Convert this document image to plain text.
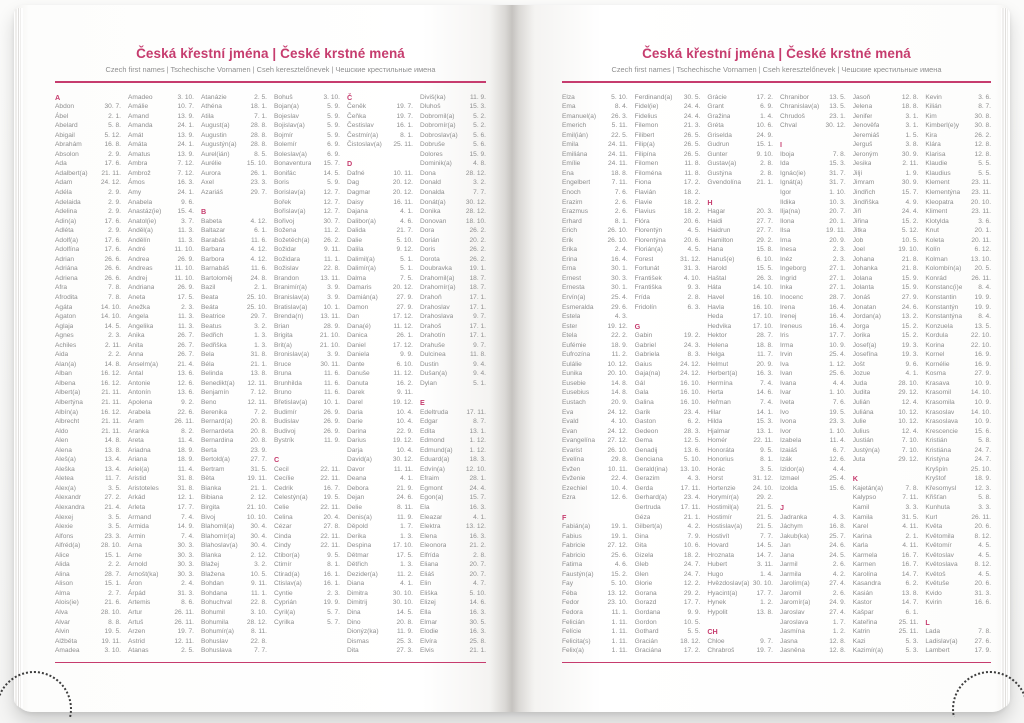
Česká křestní jména | České krstné mená
Czech first names | Tschechische Vornamen | Cseh keresztelőnevek | Чешские крестильные имена
A
Abdon	30. 7.
Ábel	2. 1.
Abelard	5. 8.
Abigail	5. 12.
Abrahám	16. 8.
Absolon	2. 9.
Ada	17. 6.
Adalbert(a) 21. 11.
Adam	24. 12.
Adéla	2. 9.
Adelaida	2. 9.
Adelina	2. 9.
Adin(a)	17. 6.
Adléta	2. 9.
Adolf(a)	17. 6.
Adolfína	17. 6.
Adrian	26. 6.
Adriána	26. 6.
Adriena	26. 6.
Afra	7. 8.
Afrodita	7. 8.
Agáta	14. 10.
Agaton	14. 10.
Aglaja	14. 5.
Agnes	2. 3.
Achiles	2. 11.
Aida	2. 2.
Alan(a)	14. 8.
Alban	16. 12.
Albena	16. 12.
Albert(a)	21. 11.
Albertýna	21. 11.
Albín(a)	16. 12.
Albrecht	21. 11.
Aldo	21. 11.
Alen	14. 8.
Alena	13. 8.
Aleš(a)	13. 4.
Aleška	13. 4.
Aletea	11. 7.
Alex(a)	3. 5.
Alexandr	27. 2.
Alexandra	21. 4.
Alexej	3. 5.
Alexie	3. 5.
Alfons	23. 3.
Alfréd(a)	28. 10.
Alice	15. 1.
Alida	2. 2.
Alina	28. 7.
Alison	15. 1.
Alma	2. 7.
Alois(ie)	21. 6.
Alva	28. 10.
Alvar	8. 8.
Alvin	19. 5.
Alžběta	19. 11.
Amadea	3. 10.
Amadeo	3. 10.
Amálie	10. 7.
Amand	13. 9.
Amanda	24. 1.
Amát	13. 9.
Amáta	24. 1.
Amatus	13. 9.
Ambra	7. 12.
Ambrož	7. 12.
Ámos	16. 3.
Amy	24. 1.
Anabela	9. 6.
Anastáz(ie) 15. 4.
Anatol(ie)	3. 7.
Anděl(a)	11. 3.
Andělín	11. 3.
André	11. 10.
Andrea	26. 9.
Andreas	11. 10.
Andrej	11. 10.
Andriana	26. 9.
Aneta	17. 5.
Anežka	2. 3.
Angela	11. 3.
Angelika	11. 3.
Anika	26. 7.
Anita	26. 7.
Anna	26. 7.
Anselm(a)	21. 4.
Antal	13. 6.
Antonie	12. 6.
Antonín	13. 6.
Apolena	9. 2.
Arabela	22. 6.
Aram	26. 11.
Aranka	8. 2.
Areta	11. 4.
Ariadna	18. 9.
Ariana	18. 9.
Ariel(a)	11. 4.
Aristid	31. 8.
Aristoteles	31. 8.
Arkád	12. 1.
Arleta	17. 7.
Armand	7. 4.
Armida	14. 9.
Armin	7. 4.
Arna	30. 3.
Arne	30. 3.
Arnold	30. 3.
Arnošt(ka)	30. 3.
Áron	2. 4.
Árpád	31. 3.
Artemis	8. 6.
Artur	26. 11.
Artuš	26. 11.
Arzen	19. 7.
Astrid	12. 11.
Atanas	2. 5.
Atanázie	2. 5.
Athéna	18. 1.
Atila	7. 1.
August(a)	28. 8.
Augustin	28. 8.
Augustýn(a) 28. 8.
Aurel(ián)	8. 5.
Aurélie	15. 10.
Aurora	26. 1.
Axel	23. 3.
Azariáš	29. 7.
B
Babeta	4. 12.
Baltazar	6. 1.
Barabáš	11. 6.
Barbara	4. 12.
Barbora	4. 12.
Barnabáš	11. 6.
Bartoloměj	24. 8.
Bazil	2. 1.
Beata	25. 10.
Beáta	25. 10.
Beatrice	29. 7.
Beatus	3. 2.
Bedřich	1. 3.
Bedřiška	1. 3.
Bela	31. 8.
Béla	21. 1.
Belinda	13. 8.
Benedikt(a) 12. 11.
Benjamín	7. 12.
Beno	12. 11.
Berenika	7. 2.
Bernard(a)	20. 8.
Bernardeta	20. 8.
Bernardina	20. 8.
Berta	23. 9.
Bertold(a)	27. 7.
Bertram	31. 5.
Běta	19. 11.
Bianka	21. 1.
Bibiana	2. 12.
Birgita	21. 10.
Bivoj	10. 10.
Blahomil(a) 30. 4.
Blahomír(a) 30. 4.
Blahoslav(a) 30. 4.
Blanka	2. 12.
Blažej	3. 2.
Blažena	10. 5.
Bohdan	9. 11.
Bohdana	11. 1.
Bohuchval	22. 8.
Bohumil	3. 10.
Bohumila	28. 12.
Bohumír(a)	8. 11.
Bohuslav	22. 8.
Bohuslava	7. 7.
Bohuš	3. 10.
Bojan(a)	5. 9.
Bojeslav	5. 9.
Bojislav(a)	5. 9.
Bojmír	5. 9.
Bolemír	6. 9.
Boleslav(a)	6. 9.
Bonaventura 15. 7.
Bonifác	14. 5.
Boris	5. 9.
Borislav(a)	12. 7.
Bořek	12. 7.
Bořislav(a)	12. 7.
Bořivoj	30. 7.
Božena	11. 2.
Božetěch(a) 26. 2.
Božidar	9. 11.
Božidara	11. 1.
Božislav	22. 8.
Brandon	13. 11.
Branimír(a)	3. 9.
Branislav(a)	3. 9.
Bratislav(a) 10. 1.
Brenda(n)	13. 11.
Brian	28. 9.
Brigita	21. 10.
Brit(a)	21. 10.
Bronislav(a)	3. 9.
Bruce	30. 11.
Bruna	11. 6.
Brunhilda	11. 6.
Bruno	11. 6.
Břetislav(a) 10. 1.
Budimír	26. 9.
Budislav	26. 9.
Budivoj	26. 9.
Bystrík	11. 9.
C
Cecil	22. 11.
Cecílie	22. 11.
Cedrik	16. 7.
Celestýn(a) 19. 5.
Celie	22. 11.
Celina	20. 4.
Cézar	27. 8.
Cinda	22. 11.
Cindy	22. 11.
Ctibor(a)	9. 5.
Ctimír	8. 1.
Ctirad(a)	16. 1.
Ctislav(a)	16. 1.
Cyntie	2. 3.
Cyprián	19. 9.
Cyril(a)	5. 7.
Cyrilka	5. 7.
Č
Čeněk	19. 7.
Čeňka	19. 7.
Čestislav	16. 1.
Čestmír(a)	8. 1.
Čistoslav(a) 25. 11.
D
Dafné	10. 11.
Dag	20. 12.
Dagmar	20. 12.
Daisy	16. 11.
Dajana	4. 1.
Dalibor(a)	4. 6.
Dalida	21. 7.
Dalie	5. 10.
Dalila	9. 12.
Dalimil(a)	5. 1.
Dalimír(a)	5. 1.
Dalma	7. 5.
Damaris	20. 12.
Damián(a)	27. 9.
Damon	27. 9.
Dan	17. 12.
Dana(é)	11. 12.
Danica	26. 1.
Daniel	17. 12.
Daniela	9. 9.
Dante	6. 10.
Danuše	11. 12.
Danuta	16. 2.
Darek	9. 11.
Darel	19. 12.
Daria	10. 4.
Darie	10. 4.
Darina	22. 9.
Darius	19. 12.
Darja	10. 4.
David(a)	30. 12.
Davor	11. 11.
Deana	4. 1.
Debora	21. 9.
Dejan	24. 6.
Delie	8. 11.
Denis(a)	11. 9.
Děpold	1. 7.
Derika	1. 3.
Despina	17. 10.
Dětmar	17. 5.
Dětřich	1. 3.
Dezider(a)	11. 2.
Diana	4. 1.
Dimitra	30. 10.
Dimitrij	30. 10.
Dina	14. 5.
Dino	20. 8.
Dionýz(ka)	11. 9.
Dismas	25. 3.
Dita	27. 3.
Diviš(ka)	11. 9.
Dluhoš	15. 3.
Dobromil(a)	5. 2.
Dobromír(a)	5. 2.
Dobroslav(a) 5. 6.
Dobruše	5. 6.
Dolores	15. 9.
Dominik(a)	4. 8.
Dona	28. 12.
Donald	3. 2.
Donalda	7. 7.
Donát(a)	30. 12.
Donika	28. 12.
Donovan	18. 10.
Dora	26. 2.
Dorián	20. 2.
Doris	26. 2.
Dorota	26. 2.
Doubravka	19. 1.
Drahomil(a) 18. 7.
Drahomír(a) 18. 7.
Drahoň	17. 1.
Drahoslav	17. 1.
Drahoslava	9. 7.
Drahoš	17. 1.
Drahotín	17. 1.
Drahuše	9. 7.
Dulcinea	11. 8.
Dustin	9. 4.
Dušan(a)	9. 4.
Dylan	5. 1.
E
Edeltruda	17. 11.
Edgar	8. 7.
Edita	13. 1.
Edmond	1. 12.
Edmund(a)	1. 12.
Eduard(a)	18. 3.
Edvín(a)	12. 10.
Efraim	28. 1.
Egmont	24. 4.
Egon(a)	15. 7.
Ela	16. 3.
Eleazar	4. 1.
Elektra	13. 12.
Elena	16. 3.
Eleonora	21. 2.
Elfrída	2. 8.
Eliana	20. 7.
Eliáš	20. 7.
Elin	4. 7.
Eliška	5. 10.
Elizej	14. 6.
Ella	16. 3.
Elmar	30. 5.
Elodie	16. 3.
Elvíra	25. 8.
Elvis	21. 1.
Česká křestní jména | České krstné mená
Czech first names | Tschechische Vornamen | Cseh keresztelőnevek | Чешские крестильные имена
Elza	5. 10.
Ema	8. 4.
Emanuel(a) 26. 3.
Emerich	5. 11.
Emil(ián)	22. 5.
Emila	24. 11.
Emiliána	24. 11.
Emílie	24. 11.
Ena	18. 8.
Engelbert	7. 11.
Enoch	7. 6.
Erazim	2. 6.
Erazmus	2. 6.
Erhard	8. 1.
Erich	26. 10.
Erik	26. 10.
Erika	2. 4.
Erina	16. 4.
Erna	30. 1.
Ernest	30. 3.
Ernesta	30. 1.
Ervín(a)	25. 4.
Esmeralda	29. 6.
Estela	4. 3.
Ester	19. 12.
Etela	22. 2.
Eufémie	18. 9.
Eufrozína	11. 2.
Eulálie	10. 12.
Eunika	20. 10.
Eusebie	14. 8.
Eusebius	14. 8.
Eustach	20. 9.
Eva	24. 12.
Evald	4. 10.
Evan	24. 12.
Evangelína 27. 12.
Evarist	26. 10.
Evelína	29. 8.
Evžen	10. 11.
Evženie	22. 4.
Ezechiel	10. 4.
Ezra	12. 6.
F
Fabián(a)	19. 1.
Fabius	19. 1.
Fabricie	27. 12.
Fabricio	25. 6.
Fatima	4. 6.
Faustýn(a)	15. 2.
Fay	5. 10.
Féba	13. 12.
Fedor	23. 10.
Fedora	11. 1.
Felicián	1. 11.
Felície	1. 11.
Felicita(s)	1. 11.
Felix(a)	1. 11.
Ferdinand(a) 30. 5.
Fidel(ie)	24. 4.
Fidelius	24. 4.
Filemon	21. 3.
Filibert	26. 5.
Filip(a)	26. 5.
Filipína	26. 5.
Filomen	11. 8.
Filoména	11. 8.
Fiona	17. 2.
Flavián	18. 2.
Flavie	18. 2.
Flavius	18. 2.
Flóra	20. 6.
Florentýn	4. 5.
Florentýna	20. 6.
Florián(a)	4. 5.
Forest	31. 12.
Fortunát	31. 3.
František	4. 10.
Františka	9. 3.
Frída	2. 8.
Fridolín	6. 3.
G
Gabin	19. 2.
Gabriel	24. 3.
Gabriela	8. 3.
Gaius	24. 12.
Gaja(na)	24. 12.
Gál	16. 10.
Gala	16. 10.
Galina	16. 10.
Garik	23. 4.
Gaston	6. 2.
Gedeon	28. 3.
Gema	12. 5.
Genadij	13. 6.
Genciana	5. 10.
Gerald(ina) 13. 10.
Gerazim	4. 3.
Gerda	17. 11.
Gerhard(a)	23. 4.
Gertruda	17. 11.
Géza	21. 1.
Gilbert(a)	4. 2.
Gina	7. 9.
Gita	10. 6.
Gizela	18. 2.
Gleb	24. 7.
Glen	24. 7.
Glorie	12. 2.
Gorana	29. 2.
Gorazd	17. 7.
Gordana	9. 9.
Gordon	10. 5.
Gothard	5. 5.
Gracián	18. 12.
Graciána	17. 2.
Grácie	17. 2.
Grant	6. 9.
Gražina	1. 4.
Gréta	10. 6.
Griselda	24. 9.
Gudrun	15. 1.
Gunter	9. 10.
Gustav(a)	2. 8.
Gustýna	2. 8.
Gvendolína 21. 1.
H
Hagar	20. 3.
Haidi	27. 7.
Haidrun	27. 7.
Hamilton	29. 2.
Hana	15. 8.
Hanuš(e)	6. 10.
Harold	15. 5.
Haštal	26. 3.
Háta	14. 10.
Havel	16. 10.
Havla	16. 10.
Heda	17. 10.
Hedvika	17. 10.
Hektor	28. 7.
Helena	18. 8.
Helga	11. 7.
Helmut	20. 9.
Herbert(a)	16. 3.
Hermína	7. 4.
Herta	14. 6.
Heřman	7. 4.
Hilar	14. 1.
Hilda	15. 3.
Hjalmar	13. 1.
Homér	22. 11.
Honoráta	9. 5.
Honorius	8. 1.
Horác	3. 5.
Horst	31. 12.
Hortenzie	24. 10.
Horymír(a)	29. 2.
Hostimil(a)	21. 5.
Hostimír	21. 5.
Hostislav(a) 21. 5.
Hostivít	7. 7.
Hovard	14. 5.
Hroznata	14. 7.
Hubert	3. 11.
Hugo	1. 4.
Hvězdoslav(a) 30. 10.
Hyacint(a)	17. 7.
Hynek	1. 2.
Hypolit	13. 8.
CH
Chloe	9. 7.
Chrabroš	19. 7.
Chranibor	13. 5.
Chranislav(a) 13. 5.
Chrudoš	23. 1.
Chval	30. 12.
I
Iboja	7. 8.
Ida	15. 3.
Ignác(ie)	31. 7.
Ignát(a)	31. 7.
Igor	1. 10.
Ildika	10. 3.
Ilja(na)	20. 7.
Ilona	20. 1.
Ilsa	19. 11.
Ima	20. 9.
Inesa	2. 3.
Inéz	2. 3.
Ingeborg	27. 1.
Ingrid	27. 1.
Inka	27. 1.
Inocenc	28. 7.
Irena	16. 4.
Irenej	16. 4.
Ireneus	16. 4.
Iris	17. 7.
Irma	10. 9.
Irvin	25. 4.
Iva	1. 12.
Ivan	25. 6.
Ivana	4. 4.
Ivar	1. 10.
Iveta	7. 6.
Ivo	19. 5.
Ivona	23. 3.
Ivor	1. 10.
Izabela	11. 4.
Izaiáš	6. 7.
Izák	12. 6.
Izidor(a)	4. 4.
Izmael	25. 4.
Izolda	15. 6.
J
Jadranka	4. 3.
Jáchym	16. 8.
Jakub(ka)	25. 7.
Jan	24. 6.
Jana	24. 5.
Jarmil	2. 6.
Jarmila	4. 2.
Jarolím(a)	27. 4.
Jaromil	2. 6.
Jaromír(a)	24. 9.
Jaroslav	27. 4.
Jaroslava	1. 7.
Jasmína	1. 2.
Jasna	12. 8.
Jasněna	12. 8.
Jasoň	12. 8.
Jelena	18. 8.
Jenifer	3. 1.
Jenověfa	3. 1.
Jeremiáš	1. 5.
Jerguš	3. 8.
Jeroným	30. 9.
Jesika	2. 11.
Jiljí	1. 9.
Jimram	30. 9.
Jindřich	15. 7.
Jindřiška	4. 9.
Jiří	24. 4.
Jiřina	15. 2.
Jitka	5. 12.
Job	10. 5.
Joel	19. 10.
Johana	21. 8.
Johanka	21. 8.
Jolana	15. 9.
Jolanta	15. 9.
Jonáš	27. 9.
Jonatan	24. 6.
Jordan(a)	13. 2.
Jorga	15. 2.
Jorika	15. 2.
Josef(a)	19. 3.
Josefína	19. 3.
Jošt	9. 6.
Jozue	4. 1.
Juda	28. 10.
Judita	29. 12.
Julián	12. 4.
Juliána	10. 12.
Julie	10. 12.
Julius	12. 4.
Justián	7. 10.
Justýn(a)	7. 10.
Juta	29. 12.
K
Kajetán(a)	7. 8.
Kalypso	7. 11.
Kamil	3. 3.
Kamila	31. 5.
Karel	4. 11.
Karina	2. 1.
Karla	4. 11.
Karmela	16. 7.
Karmen	16. 7.
Karolína	14. 7.
Kasandra	6. 2.
Kasián	13. 8.
Kastor	14. 7.
Kašpar	6. 1.
Kateřina	25. 11.
Katrin	25. 11.
Kazi	5. 3.
Kazimír(a)	5. 3.
Kevin	3. 6.
Kilián	8. 7.
Kim	30. 8.
Kimberl(e)y 30. 8.
Kira	26. 2.
Klára	12. 8.
Klarisa	12. 8.
Klaudie	5. 5.
Klaudius	5. 5.
Klement	23. 11.
Klementýna 23. 11.
Kleopatra	20. 10.
Kliment	23. 11.
Klotylda	3. 6.
Knut	20. 1.
Koleta	20. 11.
Kolín	6. 12.
Kolman	13. 10.
Kolombín(a) 20. 5.
Konrád	26. 11.
Konstanc(i)e 8. 4.
Konstantin	19. 9.
Konstantýn 19. 9.
Konstantýna 8. 4.
Konzuela	13. 5.
Kordula	22. 10.
Korina	22. 10.
Kornel	16. 9.
Kornélie	16. 9.
Kosma	27. 9.
Krasava	10. 9.
Krasomil	14. 10.
Krasomila	10. 9.
Krasoslav	14. 10.
Krasoslava	10. 9.
Krescencie	15. 6.
Kristián	5. 8.
Kristiána	24. 7.
Kristýna	24. 7.
Kryšpín	25. 10.
Kryštof	18. 9.
Křesomysl	12. 3.
Křišťan	5. 8.
Kunhuta	3. 3.
Kurt	26. 11.
Květa	20. 6.
Květomila	8. 12.
Květomír	4. 5.
Květoslav	4. 5.
Květoslava	8. 12.
Květoš	4. 5.
Květuše	20. 6.
Kvido	31. 3.
Kvirin	16. 6.
L
Lada	7. 8.
Ladislav(a)	27. 6.
Lambert	17. 9.
